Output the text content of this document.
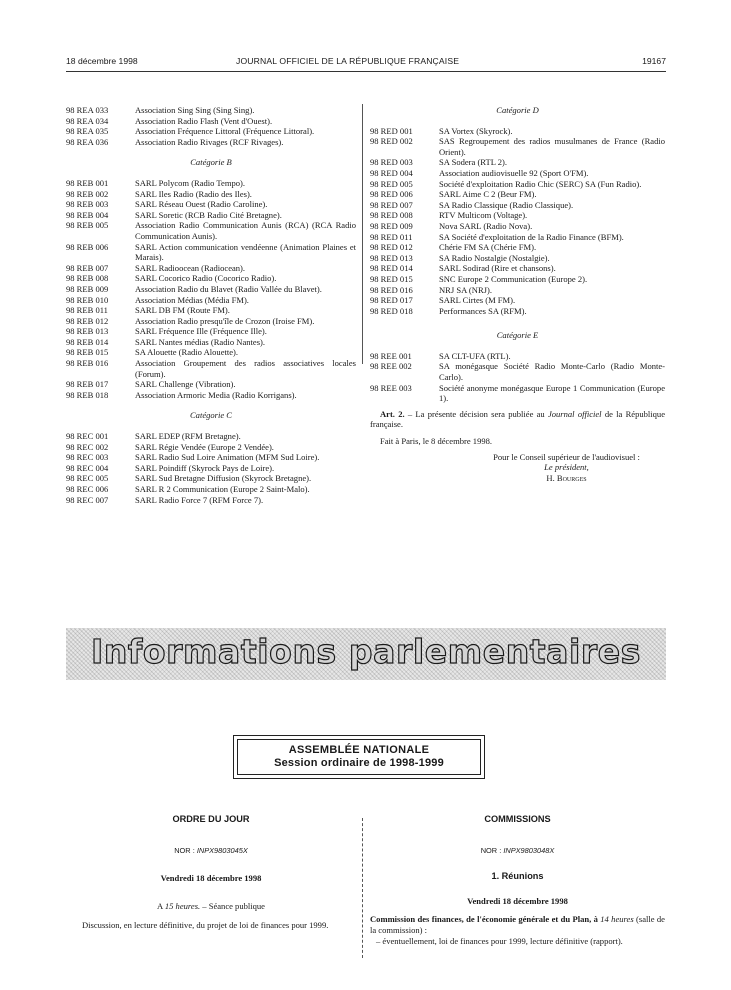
18 décembre 1998	JOURNAL OFFICIEL DE LA RÉPUBLIQUE FRANÇAISE	19167
98 REA 033	Association Sing Sing (Sing Sing).
98 REA 034	Association Radio Flash (Vent d'Ouest).
98 REA 035	Association Fréquence Littoral (Fréquence Littoral).
98 REA 036	Association Radio Rivages (RCF Rivages).
Catégorie B
98 REB 001	SARL Polycom (Radio Tempo).
98 REB 002	SARL Iles Radio (Radio des Iles).
98 REB 003	SARL Réseau Ouest (Radio Caroline).
98 REB 004	SARL Soretic (RCB Radio Cité Bretagne).
98 REB 005	Association Radio Communication Aunis (RCA) (RCA Radio Communication Aunis).
98 REB 006	SARL Action communication vendéenne (Animation Plaines et Marais).
98 REB 007	SARL Radioocean (Radiocean).
98 REB 008	SARL Cocorico Radio (Cocorico Radio).
98 REB 009	Association Radio du Blavet (Radio Vallée du Blavet).
98 REB 010	Association Médias (Média FM).
98 REB 011	SARL DB FM (Route FM).
98 REB 012	Association Radio presqu'île de Crozon (Iroise FM).
98 REB 013	SARL Fréquence Ille (Fréquence Ille).
98 REB 014	SARL Nantes médias (Radio Nantes).
98 REB 015	SA Alouette (Radio Alouette).
98 REB 016	Association Groupement des radios associatives locales (Forum).
98 REB 017	SARL Challenge (Vibration).
98 REB 018	Association Armoric Media (Radio Korrigans).
Catégorie C
98 REC 001	SARL EDEP (RFM Bretagne).
98 REC 002	SARL Régie Vendée (Europe 2 Vendée).
98 REC 003	SARL Radio Sud Loire Animation (MFM Sud Loire).
98 REC 004	SARL Poindiff (Skyrock Pays de Loire).
98 REC 005	SARL Sud Bretagne Diffusion (Skyrock Bretagne).
98 REC 006	SARL R 2 Communication (Europe 2 Saint-Malo).
98 REC 007	SARL Radio Force 7 (RFM Force 7).
Catégorie D
98 RED 001	SA Vortex (Skyrock).
98 RED 002	SAS Regroupement des radios musulmanes de France (Radio Orient).
98 RED 003	SA Sodera (RTL 2).
98 RED 004	Association audiovisuelle 92 (Sport O'FM).
98 RED 005	Société d'exploitation Radio Chic (SERC) SA (Fun Radio).
98 RED 006	SARL Aime C 2 (Beur FM).
98 RED 007	SA Radio Classique (Radio Classique).
98 RED 008	RTV Multicom (Voltage).
98 RED 009	Nova SARL (Radio Nova).
98 RED 011	SA Société d'exploitation de la Radio Finance (BFM).
98 RED 012	Chérie FM SA (Chérie FM).
98 RED 013	SA Radio Nostalgie (Nostalgie).
98 RED 014	SARL Sodirad (Rire et chansons).
98 RED 015	SNC Europe 2 Communication (Europe 2).
98 RED 016	NRJ SA (NRJ).
98 RED 017	SARL Cirtes (M FM).
98 RED 018	Performances SA (RFM).
Catégorie E
98 REE 001	SA CLT-UFA (RTL).
98 REE 002	SA monégasque Société Radio Monte-Carlo (Radio Monte-Carlo).
98 REE 003	Société anonyme monégasque Europe 1 Communication (Europe 1).
Art. 2. – La présente décision sera publiée au Journal officiel de la République française.
Fait à Paris, le 8 décembre 1998.
Pour le Conseil supérieur de l'audiovisuel :
Le président,
H. Bourges
Informations parlementaires
ASSEMBLÉE NATIONALE
Session ordinaire de 1998-1999
ORDRE DU JOUR
NOR : INPX9803045X
Vendredi 18 décembre 1998
A 15 heures. – Séance publique
Discussion, en lecture définitive, du projet de loi de finances pour 1999.
COMMISSIONS
NOR : INPX9803048X
1. Réunions
Vendredi 18 décembre 1998
Commission des finances, de l'économie générale et du Plan, à 14 heures (salle de la commission) :
– éventuellement, loi de finances pour 1999, lecture définitive (rapport).
